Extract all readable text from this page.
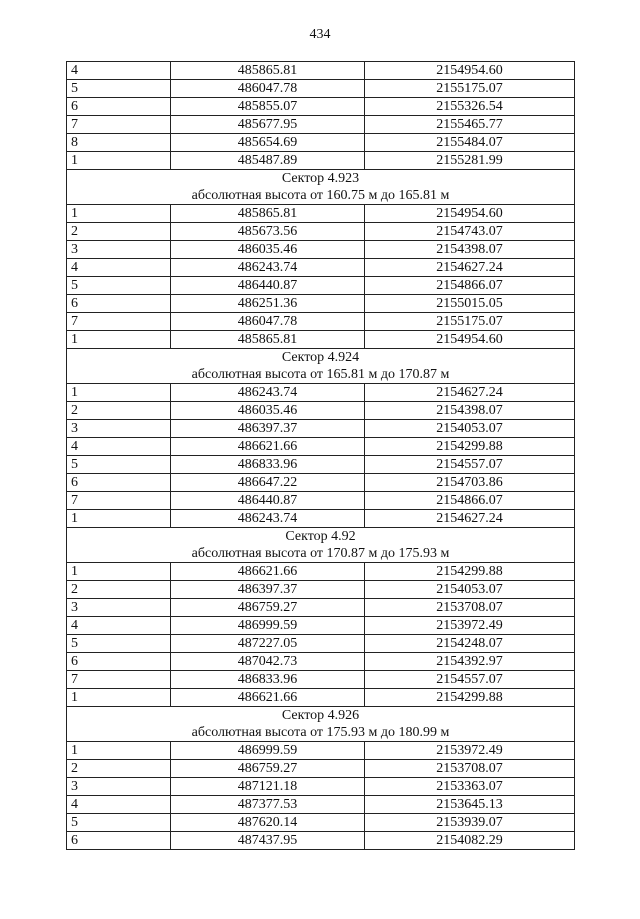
434
4	485865.81	2154954.60
5	486047.78	2155175.07
6	485855.07	2155326.54
7	485677.95	2155465.77
8	485654.69	2155484.07
1	485487.89	2155281.99
Сектор 4.923		
абсолютная высота от 160.75 м до 165.81 м		
1	485865.81	2154954.60
2	485673.56	2154743.07
3	486035.46	2154398.07
4	486243.74	2154627.24
5	486440.87	2154866.07
6	486251.36	2155015.05
7	486047.78	2155175.07
1	485865.81	2154954.60
Сектор 4.924		
абсолютная высота от 165.81 м до 170.87 м		
1	486243.74	2154627.24
2	486035.46	2154398.07
3	486397.37	2154053.07
4	486621.66	2154299.88
5	486833.96	2154557.07
6	486647.22	2154703.86
7	486440.87	2154866.07
1	486243.74	2154627.24
Сектор 4.92		
абсолютная высота от 170.87 м до 175.93 м		
1	486621.66	2154299.88
2	486397.37	2154053.07
3	486759.27	2153708.07
4	486999.59	2153972.49
5	487227.05	2154248.07
6	487042.73	2154392.97
7	486833.96	2154557.07
1	486621.66	2154299.88
Сектор 4.926		
абсолютная высота от 175.93 м до 180.99 м		
1	486999.59	2153972.49
2	486759.27	2153708.07
3	487121.18	2153363.07
4	487377.53	2153645.13
5	487620.14	2153939.07
6	487437.95	2154082.29
